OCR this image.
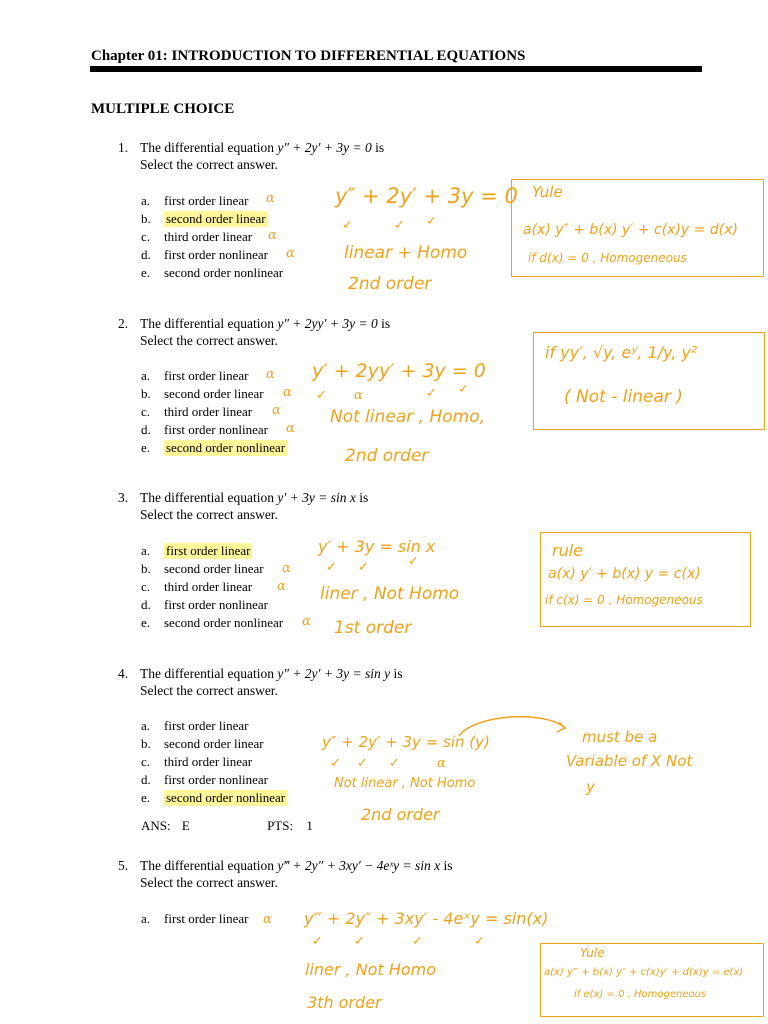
Chapter 01: INTRODUCTION TO DIFFERENTIAL EQUATIONS
MULTIPLE CHOICE
1. The differential equation y″ + 2y′ + 3y = 0 is
Select the correct answer.
a. first order linear
b. second order linear
c. third order linear
d. first order nonlinear
e. second order nonlinear
α
α
α
y″ + 2y′ + 3y = 0
✓	✓ ✓
linear + Homo
2nd order
Yule
a(x) y″ + b(x) y′ + c(x)y = d(x)
if d(x) = 0 , Homogeneous
2. The differential equation y″ + 2yy′ + 3y = 0 is
Select the correct answer.
a. first order linear
b. second order linear
c. third order linear
d. first order nonlinear
e. second order nonlinear
α
α
α
α
y′ + 2yy′ + 3y = 0
✓ α	✓ ✓
Not linear , Homo,
2nd order
if yy′, √y, eʸ, 1/y, y²
( Not - linear )
3. The differential equation y′ + 3y = sin x is
Select the correct answer.
a. first order linear
b. second order linear
c. third order linear
d. first order nonlinear
e. second order nonlinear
α
α
α
y′ + 3y = sin x
✓ ✓	✓
liner , Not Homo
1st order
rule
a(x) y′ + b(x) y = c(x)
if c(x) = 0 , Homogeneous
4. The differential equation y″ + 2y′ + 3y = sin y is
Select the correct answer.
a. first order linear
b. second order linear
c. third order linear
d. first order nonlinear
e. second order nonlinear
ANS: E	PTS: 1
y″ + 2y′ + 3y = sin (y)
✓ ✓ ✓	α
Not linear , Not Homo
2nd order
must be a
Variable of X Not
y
5. The differential equation y‴ + 2y″ + 3xy′ − 4eˣy = sin x is
Select the correct answer.
a. first order linear α y‴ + 2y″ + 3xy′ - 4eˣy = sin(x)
✓ ✓	✓	✓
liner , Not Homo
3th order
Yule
a(x) y‴ + b(x) y″ + c(x)y′ + d(x)y = e(x)
if e(x) = 0 , Homogeneous
